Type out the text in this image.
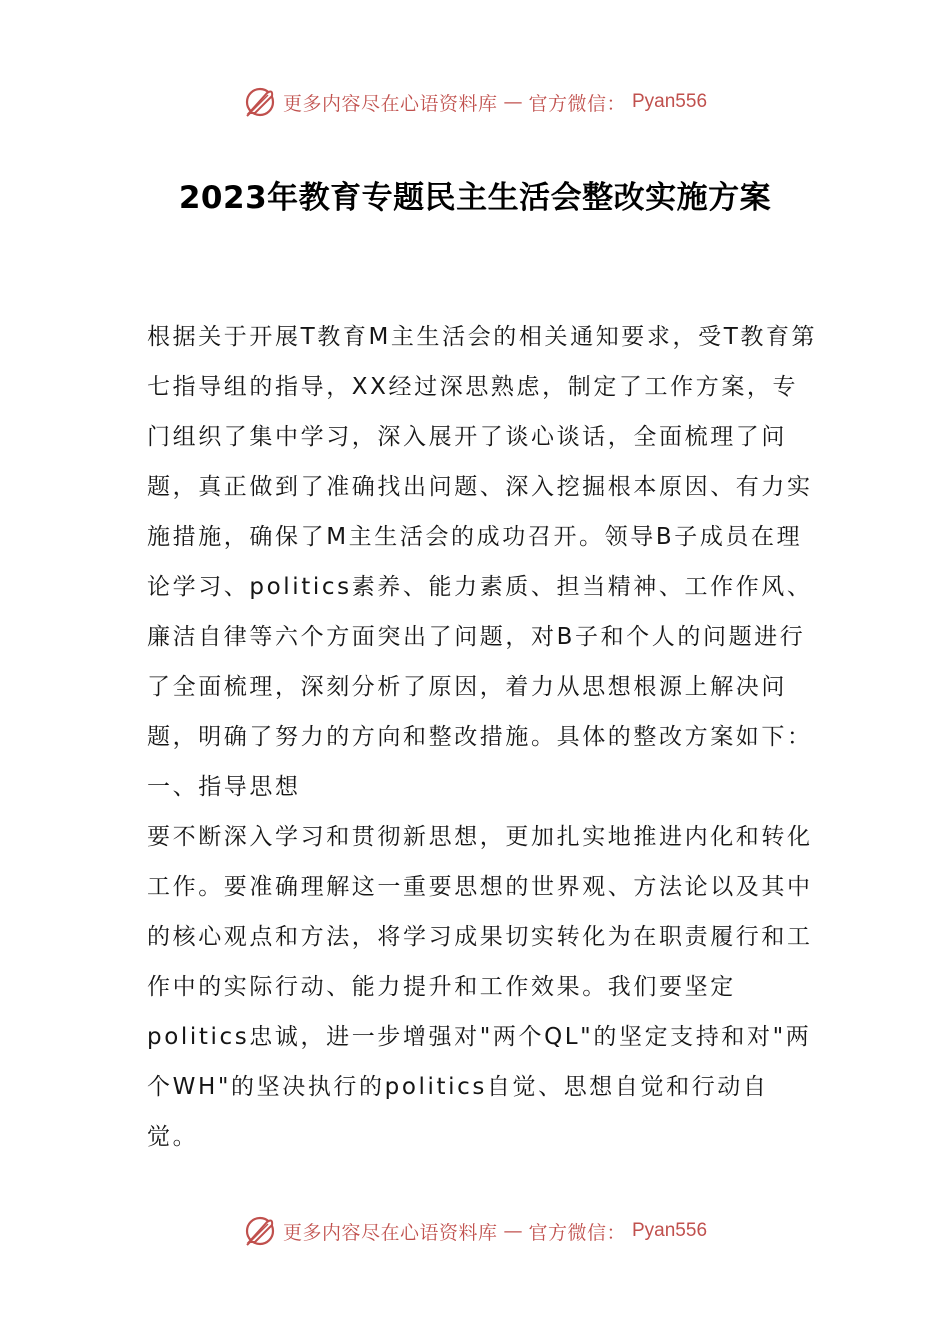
更多内容尽在心语资料库 — 官方微信： Pyan556
2023年教育专题民主生活会整改实施方案

根据关于开展T教育M主生活会的相关通知要求，受T教育第七指导组的指导，XX经过深思熟虑，制定了工作方案，专门组织了集中学习，深入展开了谈心谈话，全面梳理了问题，真正做到了准确找出问题、深入挖掘根本原因、有力实施措施，确保了M主生活会的成功召开。领导B子成员在理论学习、politics素养、能力素质、担当精神、工作作风、廉洁自律等六个方面突出了问题，对B子和个人的问题进行了全面梳理，深刻分析了原因，着力从思想根源上解决问题，明确了努力的方向和整改措施。具体的整改方案如下：

一、指导思想

要不断深入学习和贯彻新思想，更加扎实地推进内化和转化工作。要准确理解这一重要思想的世界观、方法论以及其中的核心观点和方法，将学习成果切实转化为在职责履行和工作中的实际行动、能力提升和工作效果。我们要坚定politics忠诚，进一步增强对"两个QL"的坚定支持和对"两个WH"的坚决执行的politics自觉、思想自觉和行动自觉。

更多内容尽在心语资料库 — 官方微信： Pyan556
